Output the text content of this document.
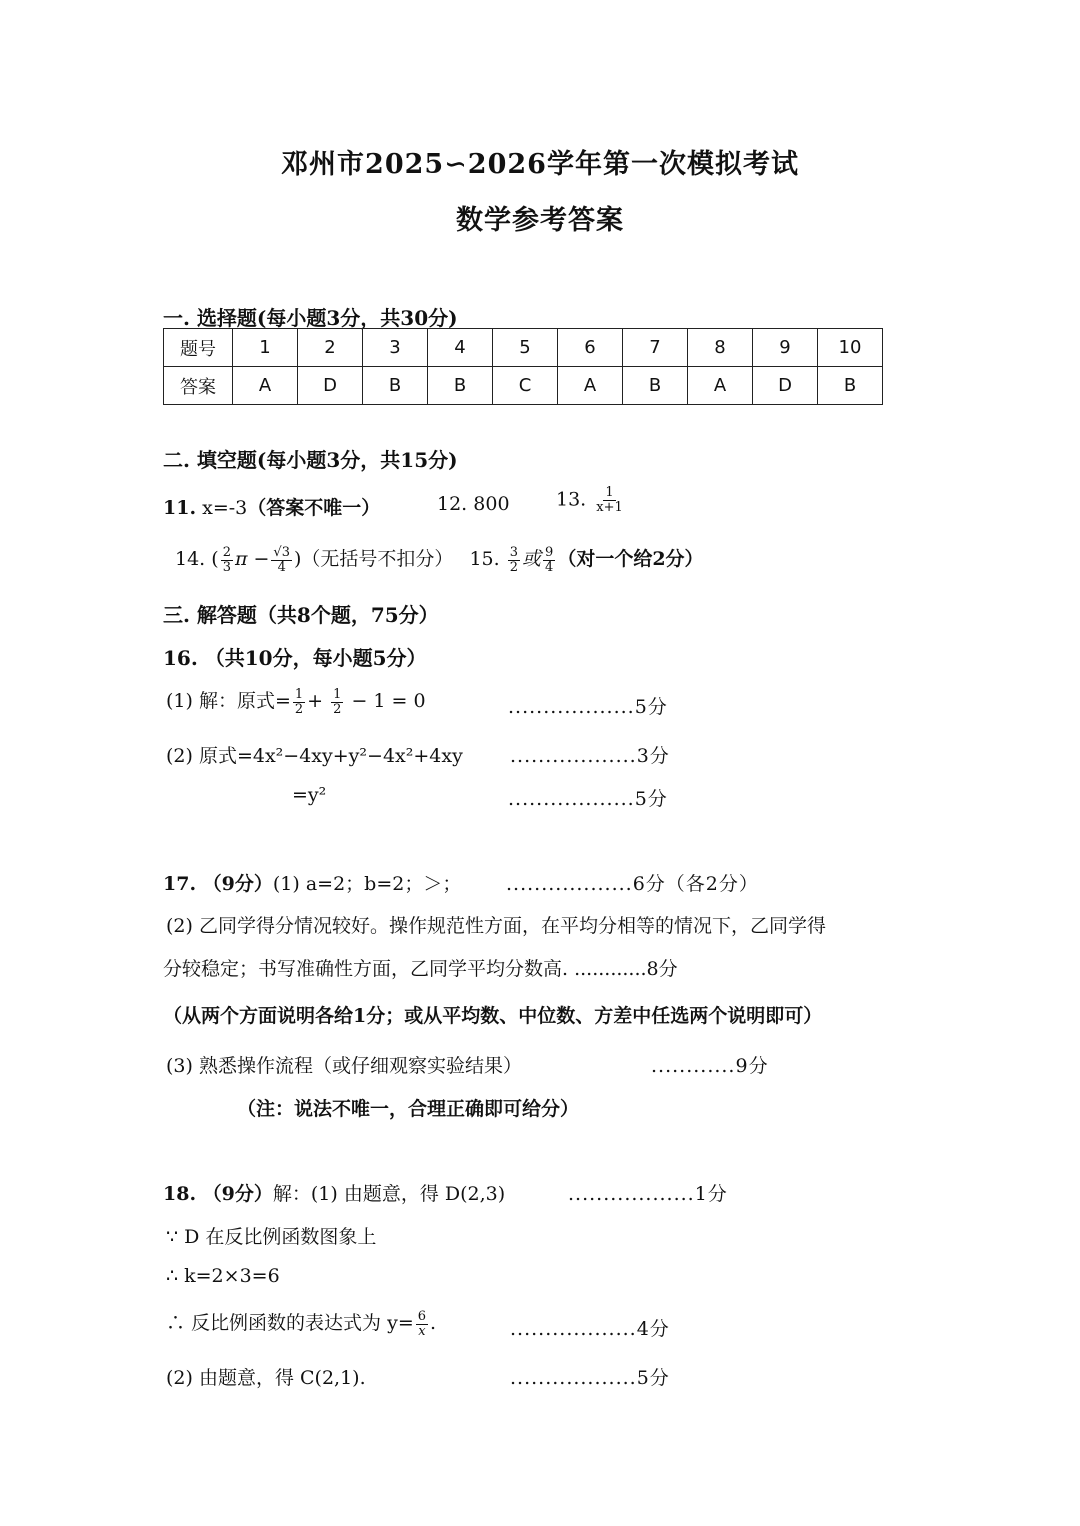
邓州市2025∽2026学年第一次模拟考试
数学参考答案
一. 选择题(每小题3分，共30分)
题号	1	2	3	4	5	6	7	8	9	10
答案	A	D	B	B	C	A	B	A	D	B
二. 填空题(每小题3分，共15分)
11. x=-3（答案不唯一）	12. 800 13. $\frac{1}{x+1}$
14. ( $\frac{2}{3}$ $\pi - \frac{√3}{4}$ )（无括号不扣分） 15. $\frac{3}{2}$ 或 $\frac{9}{4}$ （对一个给2分）
三. 解答题（共8个题，75分）
16. （共10分，每小题5分）
(1) 解：原式= $\frac{1}{2} + \frac{1}{2} - 1 = 0$	..................5分
(2) 原式=4x²−4xy+y²−4x²+4xy ..................3分
=y²	..................5分
17. （9分）(1) a=2；b=2；＞； ..................6分（各2分）
(2) 乙同学得分情况较好。操作规范性方面，在平均分相等的情况下，乙同学得
分较稳定；书写准确性方面，乙同学平均分数高. ............8分
（从两个方面说明各给1分；或从平均数、中位数、方差中任选两个说明即可）
(3) 熟悉操作流程（或仔细观察实验结果）	............9分
（注：说法不唯一，合理正确即可给分）
18. （9分）解：(1) 由题意，得 D(2,3)	..................1分
∵ D 在反比例函数图象上
∴ k=2×3=6
∴ 反比例函数的表达式为 $y= \frac{6}{x}$ .	..................4分
(2) 由题意，得 C(2,1).	..................5分
